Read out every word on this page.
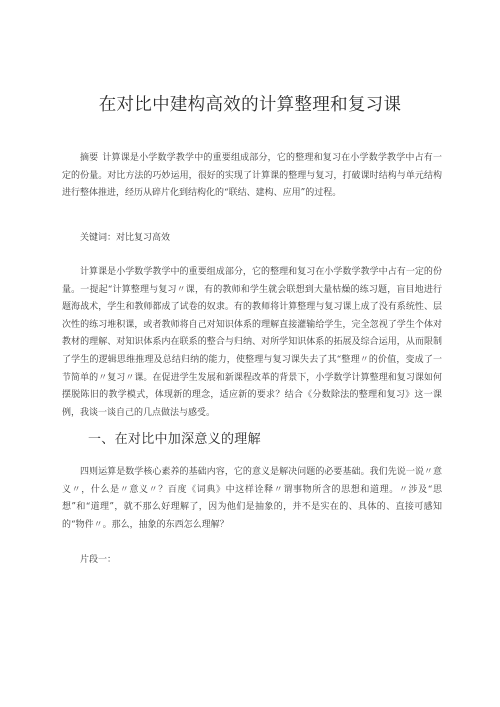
在对比中建构高效的计算整理和复习课
摘要 计算课是小学数学教学中的重要组成部分，它的整理和复习在小学数学教学中占有一定的份量。对比方法的巧妙运用，很好的实现了计算课的整理与复习，打破课时结构与单元结构进行整体推进，经历从碎片化到结构化的“联结、建构、应用”的过程。
关键词：对比复习高效
计算课是小学数学教学中的重要组成部分，它的整理和复习在小学数学教学中占有一定的份量。一提起“计算整理与复习〃课，有的教师和学生就会联想到大量枯燥的练习题，盲目地进行题海战术，学生和教师都成了试卷的奴隶。有的教师将计算整理与复习课上成了没有系统性、层次性的练习堆积课，或者教师将自己对知识体系的理解直接灌输给学生，完全忽视了学生个体对教材的理解、对知识体系内在联系的整合与归纳、对所学知识体系的拓展及综合运用，从而限制了学生的逻辑思维推理及总结归纳的能力，使整理与复习课失去了其“整理〃的价值，变成了一节简单的〃复习〃课。在促进学生发展和新课程改革的背景下，小学数学计算整理和复习课如何摆脱陈旧的教学模式，体现新的理念，适应新的要求？结合《分数除法的整理和复习》这一课例，我谈一谈自己的几点做法与感受。
一、在对比中加深意义的理解
四则运算是数学核心素养的基础内容，它的意义是解决问题的必要基础。我们先说一说〃意义〃，什么是〃意义〃？百度《词典》中这样诠释〃谓事物所含的思想和道理。〃涉及“思想”和“道理”，就不那么好理解了，因为他们是抽象的，并不是实在的、具体的、直接可感知的“物件〃。那么，抽象的东西怎么理解？
片段一：
